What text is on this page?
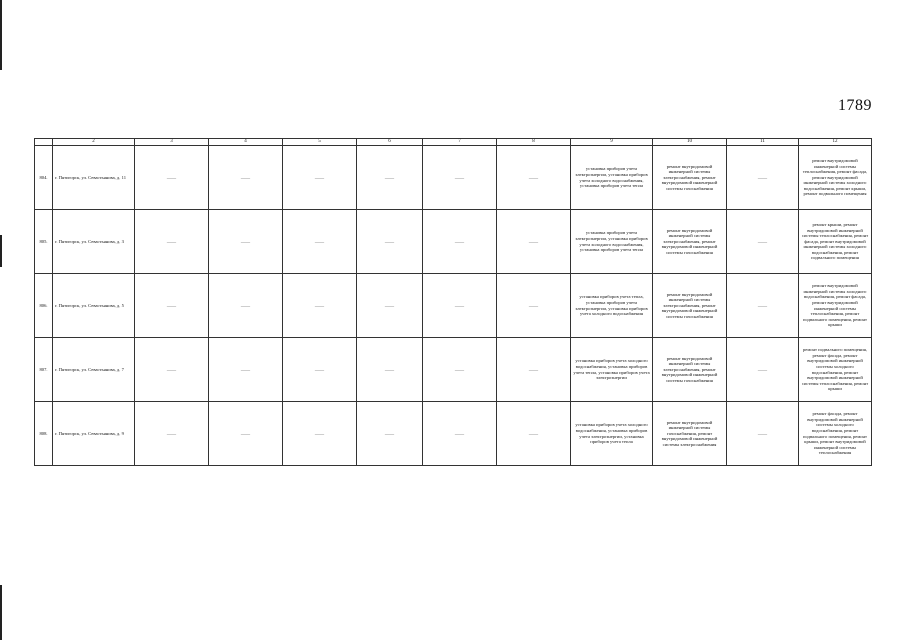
1789
	2	3	4	5	6	7	8	9	10	11	12
804.	г. Пятигорск, ул. Севастьянова, д. 11	——	——	——	——	——	——	установка приборов учета электроэнергии, установка приборов учета холодного водоснабжения, установка приборов учета тепла	ремонт внутридомовой инженерной системы электроснабжения, ремонт внутридомовой инженерной системы газоснабжения	——	ремонт внутридомовой инженерной системы теплоснабжения, ремонт фасада, ремонт внутридомовой инженерной системы холодного водоснабжения, ремонт крыши, ремонт подвального помещения
805.	г. Пятигорск, ул. Севастьянова, д. 3	——	——	——	——	——	——	установка приборов учета электроэнергии, установка приборов учета холодного водоснабжения, установка приборов учета тепла	ремонт внутридомовой инженерной системы электроснабжения, ремонт внутридомовой инженерной системы газоснабжения	——	ремонт крыши, ремонт внутридомовой инженерной системы теплоснабжения, ремонт фасада, ремонт внутридомовой инженерной системы холодного водоснабжения, ремонт подвального помещения
806.	г. Пятигорск, ул. Севастьянова, д. 5	——	——	——	——	——	——	установка приборов учета тепла, установка приборов учета электроэнергии, установка приборов учета холодного водоснабжения	ремонт внутридомовой инженерной системы электроснабжения, ремонт внутридомовой инженерной системы газоснабжения	——	ремонт внутридомовой инженерной системы холодного водоснабжения, ремонт фасада, ремонт внутридомовой инженерной системы теплоснабжения, ремонт подвального помещения, ремонт крыши
807.	г. Пятигорск, ул. Севастьянова, д. 7	——	——	——	——	——	——	установка приборов учета холодного водоснабжения, установка приборов учета тепла, установка приборов учета электроэнергии	ремонт внутридомовой инженерной системы электроснабжения, ремонт внутридомовой инженерной системы газоснабжения	——	ремонт подвального помещения, ремонт фасада, ремонт внутридомовой инженерной системы холодного водоснабжения, ремонт внутридомовой инженерной системы теплоснабжения, ремонт крыши
808.	г. Пятигорск, ул. Севастьянова, д. 9	——	——	——	——	——	——	установка приборов учета холодного водоснабжения, установка приборов учета электроэнергии, установка приборов учета тепла	ремонт внутридомовой инженерной системы газоснабжения, ремонт внутридомовой инженерной системы электроснабжения	——	ремонт фасада, ремонт внутридомовой инженерной системы холодного водоснабжения, ремонт подвального помещения, ремонт крыши, ремонт внутридомовой инженерной системы теплоснабжения
